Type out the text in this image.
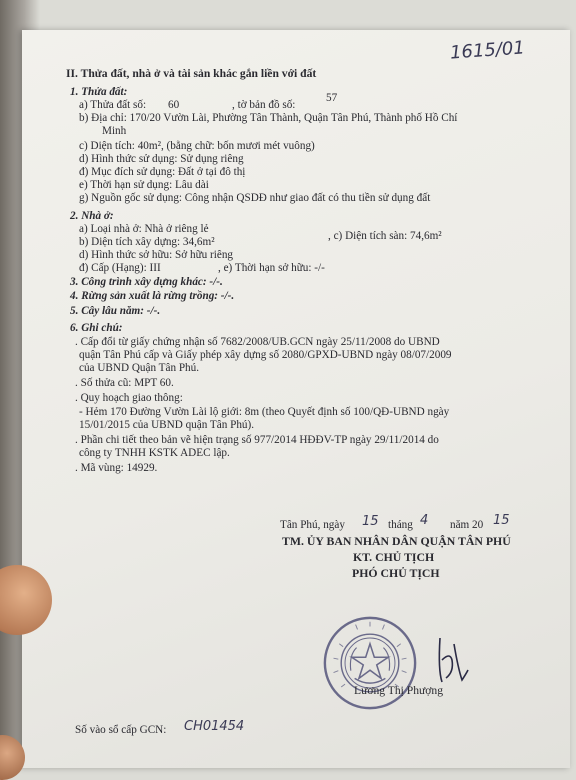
1615/01
II. Thửa đất, nhà ở và tài sản khác gắn liền với đất
1. Thửa đất:
a) Thửa đất số: 60	, tờ bản đồ số:
57
b) Địa chỉ: 170/20 Vườn Lài, Phường Tân Thành, Quận Tân Phú, Thành phố Hồ Chí
Minh
c) Diện tích: 40m², (bằng chữ: bốn mươi mét vuông)
d) Hình thức sử dụng: Sử dụng riêng
đ) Mục đích sử dụng: Đất ở tại đô thị
e) Thời hạn sử dụng: Lâu dài
g) Nguồn gốc sử dụng: Công nhận QSDĐ như giao đất có thu tiền sử dụng đất
2. Nhà ở:
a) Loại nhà ở: Nhà ở riêng lẻ
b) Diện tích xây dựng: 34,6m²	, c) Diện tích sàn: 74,6m²
d) Hình thức sở hữu: Sở hữu riêng
đ) Cấp (Hạng): III	, e) Thời hạn sở hữu: -/-
3. Công trình xây dựng khác: -/-.
4. Rừng sản xuất là rừng trồng: -/-.
5. Cây lâu năm: -/-.
6. Ghi chú:
. Cấp đổi từ giấy chứng nhận số 7682/2008/UB.GCN ngày 25/11/2008 do UBND
quận Tân Phú cấp và Giấy phép xây dựng số 2080/GPXD-UBND ngày 08/07/2009
của UBND Quận Tân Phú.
. Số thửa cũ: MPT 60.
. Quy hoạch giao thông:
- Hẻm 170 Đường Vườn Lài lộ giới: 8m (theo Quyết định số 100/QĐ-UBND ngày
15/01/2015 của UBND quận Tân Phú).
. Phần chi tiết theo bản vẽ hiện trạng số 977/2014 HĐĐV-TP ngày 29/11/2014 do
công ty TNHH KSTK ADEC lập.
. Mã vùng: 14929.
Tân Phú, ngày 15 tháng 4 năm 20 15
TM. ỦY BAN NHÂN DÂN QUẬN TÂN PHÚ
KT. CHỦ TỊCH
PHÓ CHỦ TỊCH
Lương Thị Phượng
Số vào sổ cấp GCN: CH01454
